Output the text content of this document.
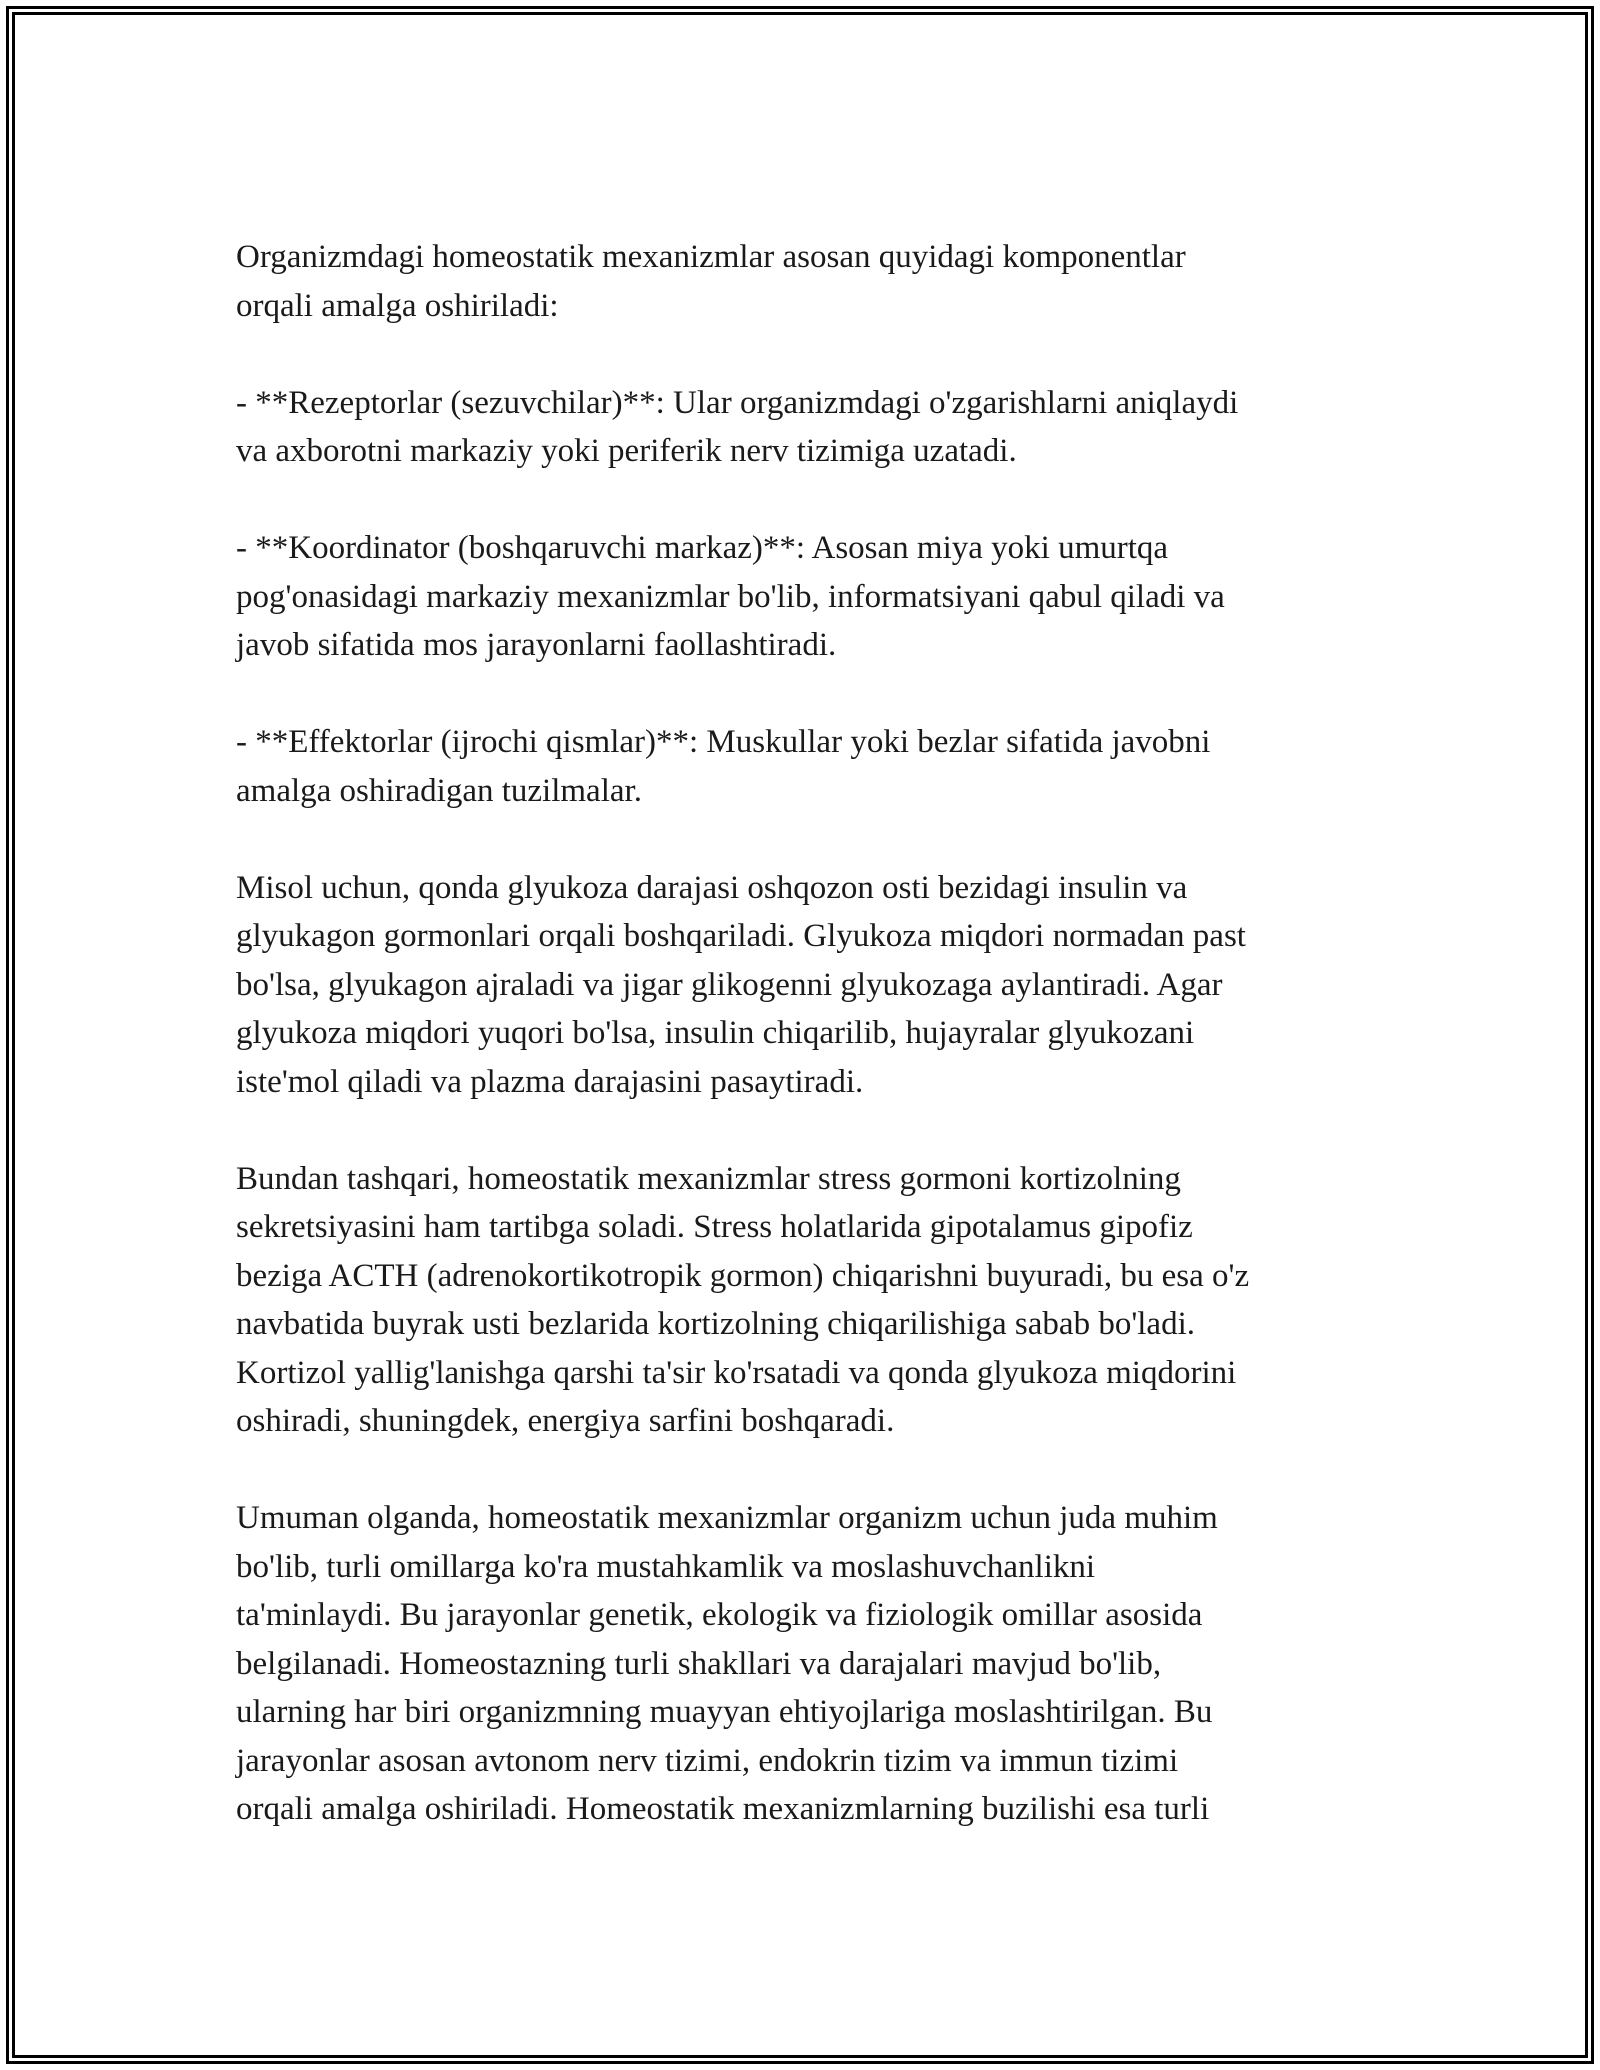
Organizmdagi homeostatik mexanizmlar asosan quyidagi komponentlar
orqali amalga oshiriladi:

- **Rezeptorlar (sezuvchilar)**: Ular organizmdagi o'zgarishlarni aniqlaydi
va axborotni markaziy yoki periferik nerv tizimiga uzatadi.

- **Koordinator (boshqaruvchi markaz)**: Asosan miya yoki umurtqa
pog'onasidagi markaziy mexanizmlar bo'lib, informatsiyani qabul qiladi va
javob sifatida mos jarayonlarni faollashtiradi.

- **Effektorlar (ijrochi qismlar)**: Muskullar yoki bezlar sifatida javobni
amalga oshiradigan tuzilmalar.

Misol uchun, qonda glyukoza darajasi oshqozon osti bezidagi insulin va
glyukagon gormonlari orqali boshqariladi. Glyukoza miqdori normadan past
bo'lsa, glyukagon ajraladi va jigar glikogenni glyukozaga aylantiradi. Agar
glyukoza miqdori yuqori bo'lsa, insulin chiqarilib, hujayralar glyukozani
iste'mol qiladi va plazma darajasini pasaytiradi.

Bundan tashqari, homeostatik mexanizmlar stress gormoni kortizolning
sekretsiyasini ham tartibga soladi. Stress holatlarida gipotalamus gipofiz
beziga ACTH (adrenokortikotropik gormon) chiqarishni buyuradi, bu esa o'z
navbatida buyrak usti bezlarida kortizolning chiqarilishiga sabab bo'ladi.
Kortizol yallig'lanishga qarshi ta'sir ko'rsatadi va qonda glyukoza miqdorini
oshiradi, shuningdek, energiya sarfini boshqaradi.

Umuman olganda, homeostatik mexanizmlar organizm uchun juda muhim
bo'lib, turli omillarga ko'ra mustahkamlik va moslashuvchanlikni
ta'minlaydi. Bu jarayonlar genetik, ekologik va fiziologik omillar asosida
belgilanadi. Homeostazning turli shakllari va darajalari mavjud bo'lib,
ularning har biri organizmning muayyan ehtiyojlariga moslashtirilgan. Bu
jarayonlar asosan avtonom nerv tizimi, endokrin tizim va immun tizimi
orqali amalga oshiriladi. Homeostatik mexanizmlarning buzilishi esa turli
